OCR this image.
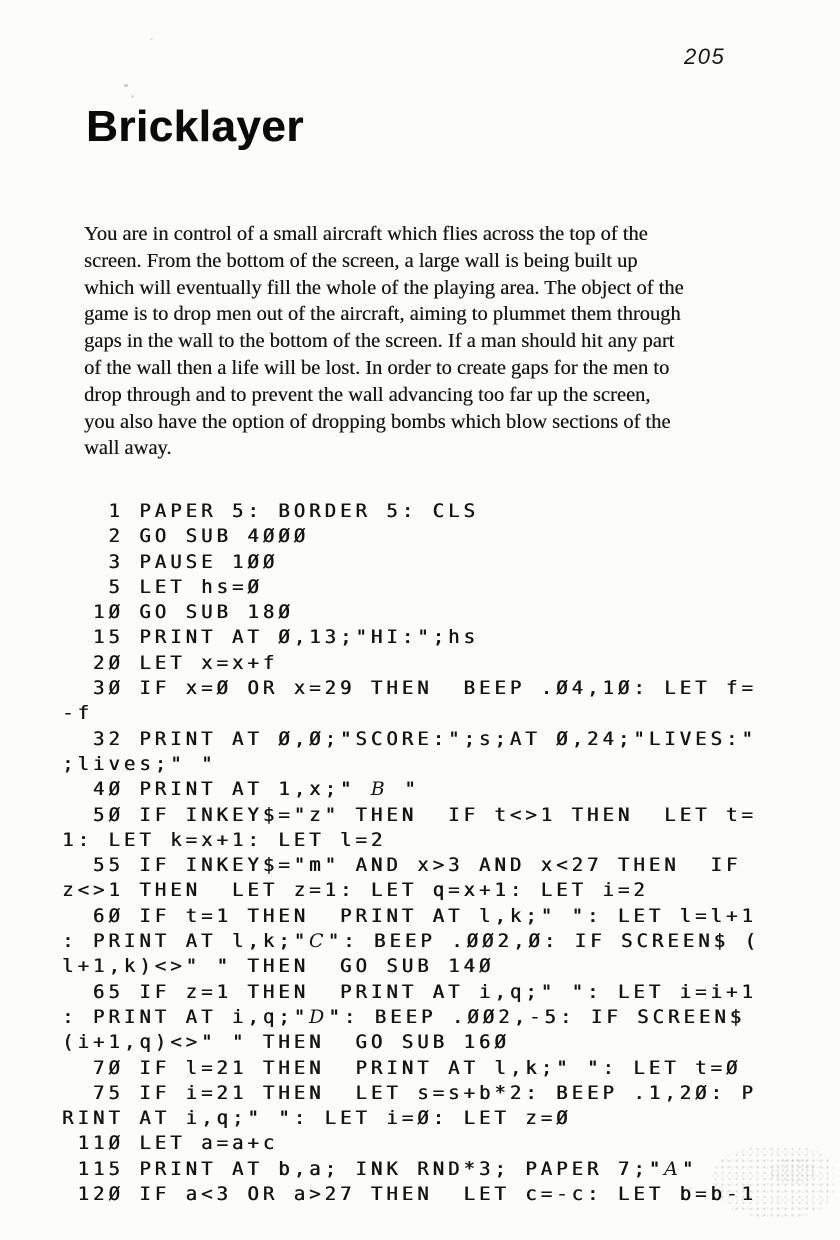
205
Bricklayer
You are in control of a small aircraft which flies across the top of the
screen. From the bottom of the screen, a large wall is being built up
which will eventually fill the whole of the playing area. The object of the
game is to drop men out of the aircraft, aiming to plummet them through
gaps in the wall to the bottom of the screen. If a man should hit any part
of the wall then a life will be lost. In order to create gaps for the men to
drop through and to prevent the wall advancing too far up the screen,
you also have the option of dropping bombs which blow sections of the
wall away.
1 PAPER 5: BORDER 5: CLS
2 GO SUB 4ØØØ
3 PAUSE 1ØØ
5 LET hs=Ø
1Ø GO SUB 18Ø
15 PRINT AT Ø,13;"HI:";hs
2Ø LET x=x+f
3Ø IF x=Ø OR x=29 THEN  BEEP .Ø4,1Ø: LET f=
-f
32 PRINT AT Ø,Ø;"SCORE:";s;AT Ø,24;"LIVES:"
;lives;" "
4Ø PRINT AT 1,x;" B "
5Ø IF INKEY$="z" THEN  IF t<>1 THEN  LET t=
1: LET k=x+1: LET l=2
55 IF INKEY$="m" AND x>3 AND x<27 THEN  IF
z<>1 THEN  LET z=1: LET q=x+1: LET i=2
6Ø IF t=1 THEN  PRINT AT l,k;" ": LET l=l+1
: PRINT AT l,k;"C": BEEP .ØØ2,Ø: IF SCREEN$ (
l+1,k)<>" " THEN  GO SUB 14Ø
65 IF z=1 THEN  PRINT AT i,q;" ": LET i=i+1
: PRINT AT i,q;"D": BEEP .ØØ2,-5: IF SCREEN$
(i+1,q)<>" " THEN  GO SUB 16Ø
7Ø IF l=21 THEN  PRINT AT l,k;" ": LET t=Ø
75 IF i=21 THEN  LET s=s+b*2: BEEP .1,2Ø: P
RINT AT i,q;" ": LET i=Ø: LET z=Ø
11Ø LET a=a+c
115 PRINT AT b,a; INK RND*3; PAPER 7;"A"
12Ø IF a<3 OR a>27 THEN  LET c=-c: LET b=b-1
